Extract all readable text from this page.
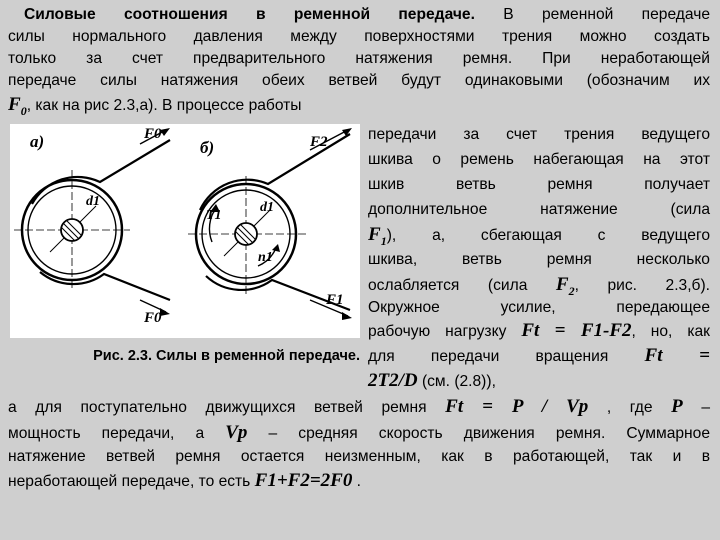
Силовые соотношения в ременной передаче. В ременной передаче
силы нормального давления между поверхностями трения можно создать
только за счет предварительного натяжения ремня. При неработающей
передаче силы натяжения обеих ветвей будут одинаковыми (обозначим их
$F_0$, как на рис 2.3,а). В процессе работы
а)	б)
F0
F0
F2
F1
d1	d1
T1
n1
Рис. 2.3. Силы в ременной передаче.
передачи за счет трения ведущего
шкива о ремень набегающая на этот
шкив ветвь ремня получает
дополнительное натяжение (сила
$F_1$), а, сбегающая с ведущего
шкива, ветвь ремня несколько
ослабляется (сила $F_2$, рис. 2.3,б).
Окружное усилие, передающее
рабочую нагрузку Ft = F1-F2, но, как
для передачи вращения Ft =
2T2/D (см. (2.8)),
а для поступательно движущихся ветвей ремня Ft = P / Vp , где P –
мощность передачи, а Vp – средняя скорость движения ремня. Суммарное
натяжение ветвей ремня остается неизменным, как в работающей, так и в
неработающей передаче, то есть F1+F2=2F0 .
